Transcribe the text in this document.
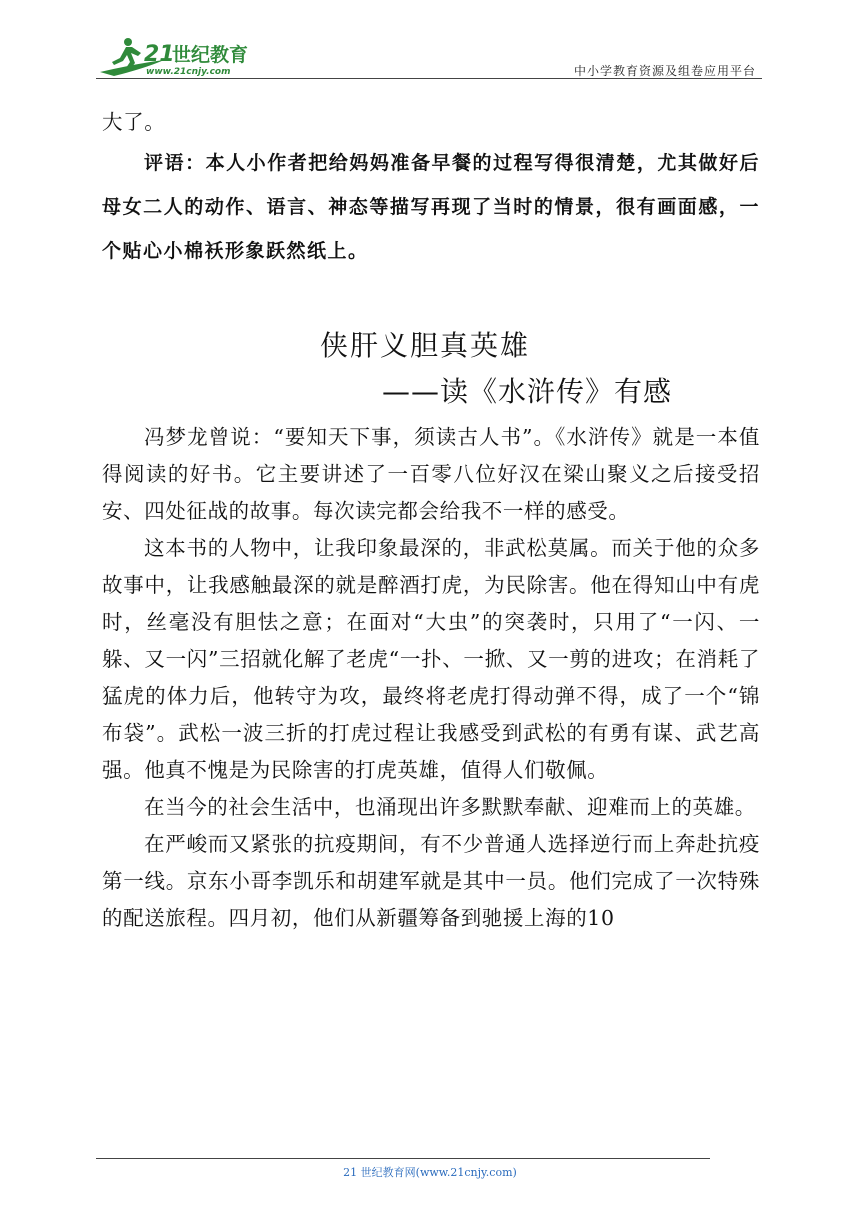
21
世纪教育
www.21cnjy.com	中小学教育资源及组卷应用平台

大了。

评语：本人小作者把给妈妈准备早餐的过程写得很清楚，尤其做好后母女二人的动作、语言、神态等描写再现了当时的情景，很有画面感，一个贴心小棉袄形象跃然纸上。

侠肝义胆真英雄
——读《水浒传》有感

冯梦龙曾说：“要知天下事，须读古人书”。《水浒传》就是一本值得阅读的好书。它主要讲述了一百零八位好汉在梁山聚义之后接受招安、四处征战的故事。每次读完都会给我不一样的感受。

这本书的人物中，让我印象最深的，非武松莫属。而关于他的众多故事中，让我感触最深的就是醉酒打虎，为民除害。他在得知山中有虎时，丝毫没有胆怯之意；在面对“大虫”的突袭时，只用了“一闪、一躲、又一闪”三招就化解了老虎“一扑、一掀、又一剪的进攻；在消耗了猛虎的体力后，他转守为攻，最终将老虎打得动弹不得，成了一个“锦布袋”。武松一波三折的打虎过程让我感受到武松的有勇有谋、武艺高强。他真不愧是为民除害的打虎英雄，值得人们敬佩。

在当今的社会生活中，也涌现出许多默默奉献、迎难而上的英雄。

在严峻而又紧张的抗疫期间，有不少普通人选择逆行而上奔赴抗疫第一线。京东小哥李凯乐和胡建军就是其中一员。他们完成了一次特殊的配送旅程。四月初，他们从新疆筹备到驰援上海的10

21 世纪教育网(www.21cnjy.com)
